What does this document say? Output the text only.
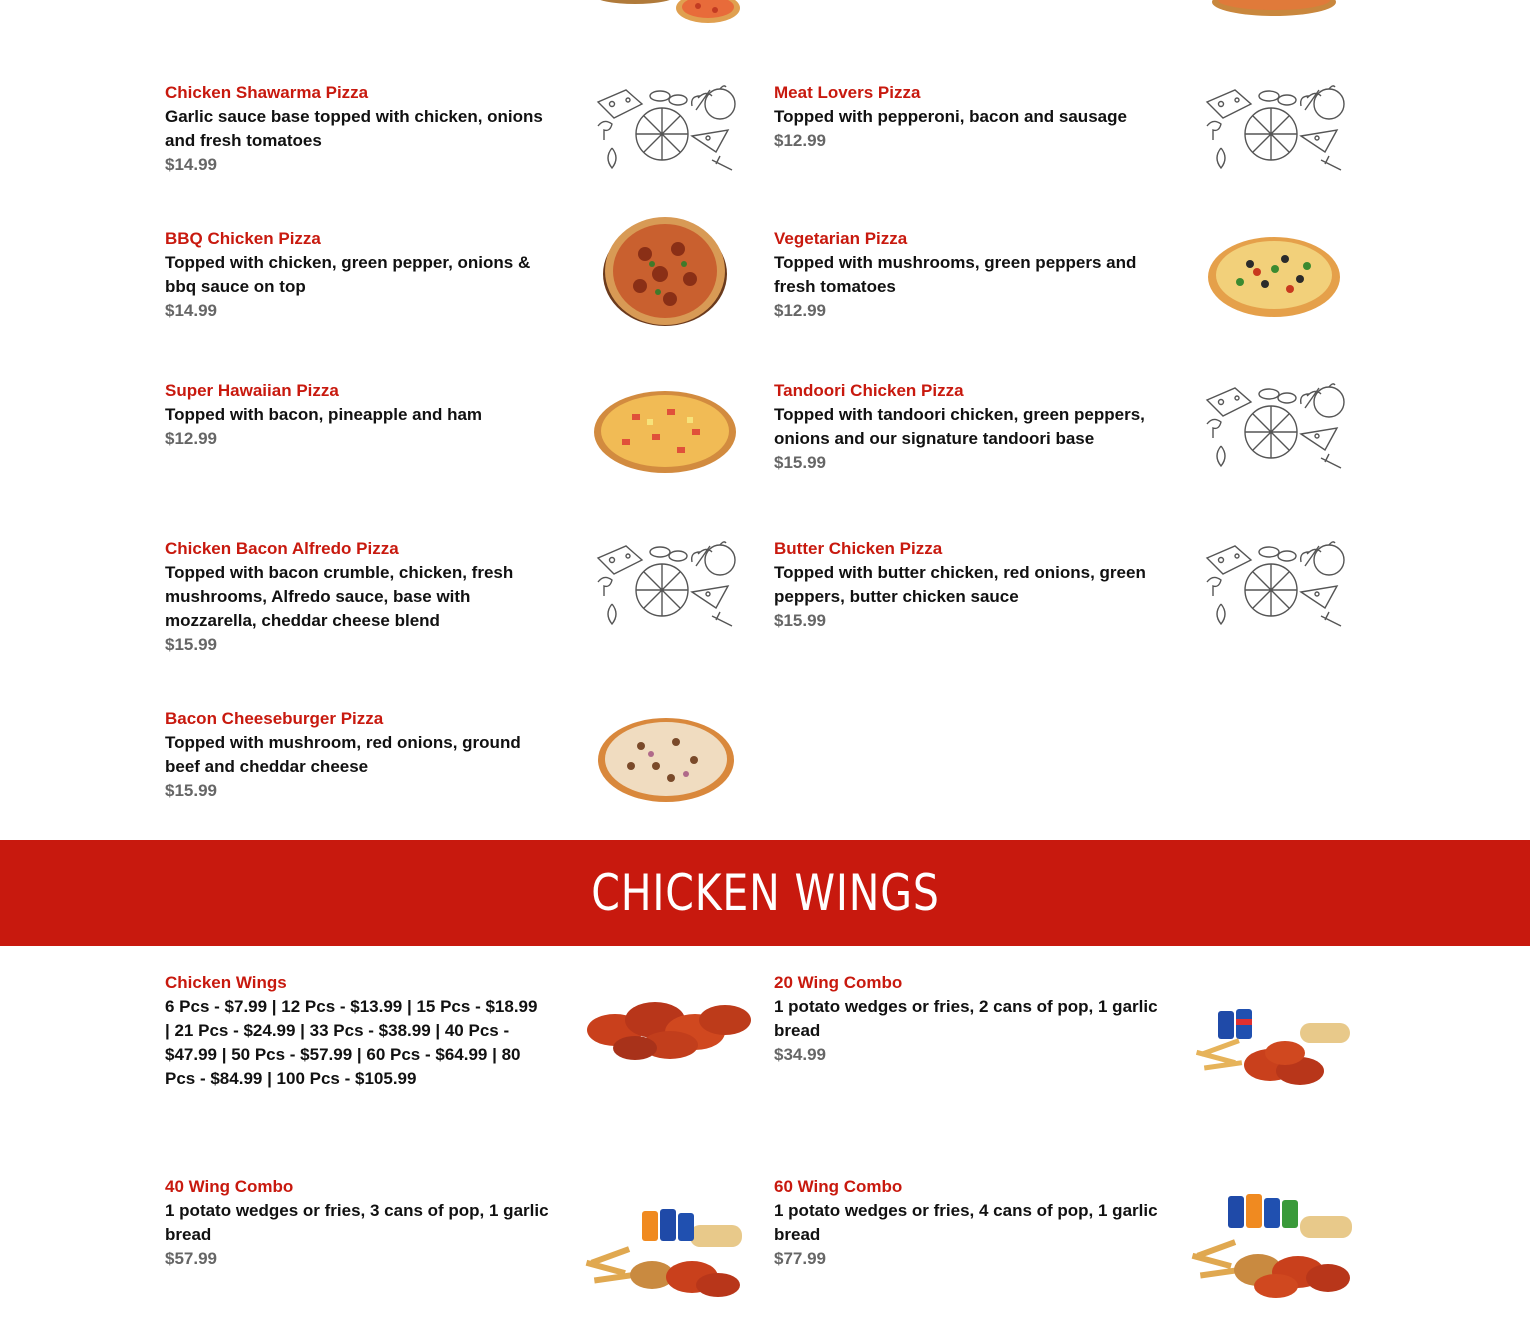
Chicken Shawarma Pizza
Garlic sauce base topped with chicken, onions and fresh tomatoes
$14.99
Meat Lovers Pizza
Topped with pepperoni, bacon and sausage
$12.99
BBQ Chicken Pizza
Topped with chicken, green pepper, onions & bbq sauce on top
$14.99
Vegetarian Pizza
Topped with mushrooms, green peppers and fresh tomatoes
$12.99
Super Hawaiian Pizza
Topped with bacon, pineapple and ham
$12.99
Tandoori Chicken Pizza
Topped with tandoori chicken, green peppers, onions and our signature tandoori base
$15.99
Chicken Bacon Alfredo Pizza
Topped with bacon crumble, chicken, fresh mushrooms, Alfredo sauce, base with mozzarella, cheddar cheese blend
$15.99
Butter Chicken Pizza
Topped with butter chicken, red onions, green peppers, butter chicken sauce
$15.99
Bacon Cheeseburger Pizza
Topped with mushroom, red onions, ground beef and cheddar cheese
$15.99
CHICKEN WINGS
Chicken Wings
6 Pcs - $7.99 | 12 Pcs - $13.99 | 15 Pcs - $18.99 | 21 Pcs - $24.99 | 33 Pcs - $38.99 | 40 Pcs - $47.99 | 50 Pcs - $57.99 | 60 Pcs - $64.99 | 80 Pcs - $84.99 | 100 Pcs - $105.99
20 Wing Combo
1 potato wedges or fries, 2 cans of pop, 1 garlic bread
$34.99
40 Wing Combo
1 potato wedges or fries, 3 cans of pop, 1 garlic bread
$57.99
60 Wing Combo
1 potato wedges or fries, 4 cans of pop, 1 garlic bread
$77.99
